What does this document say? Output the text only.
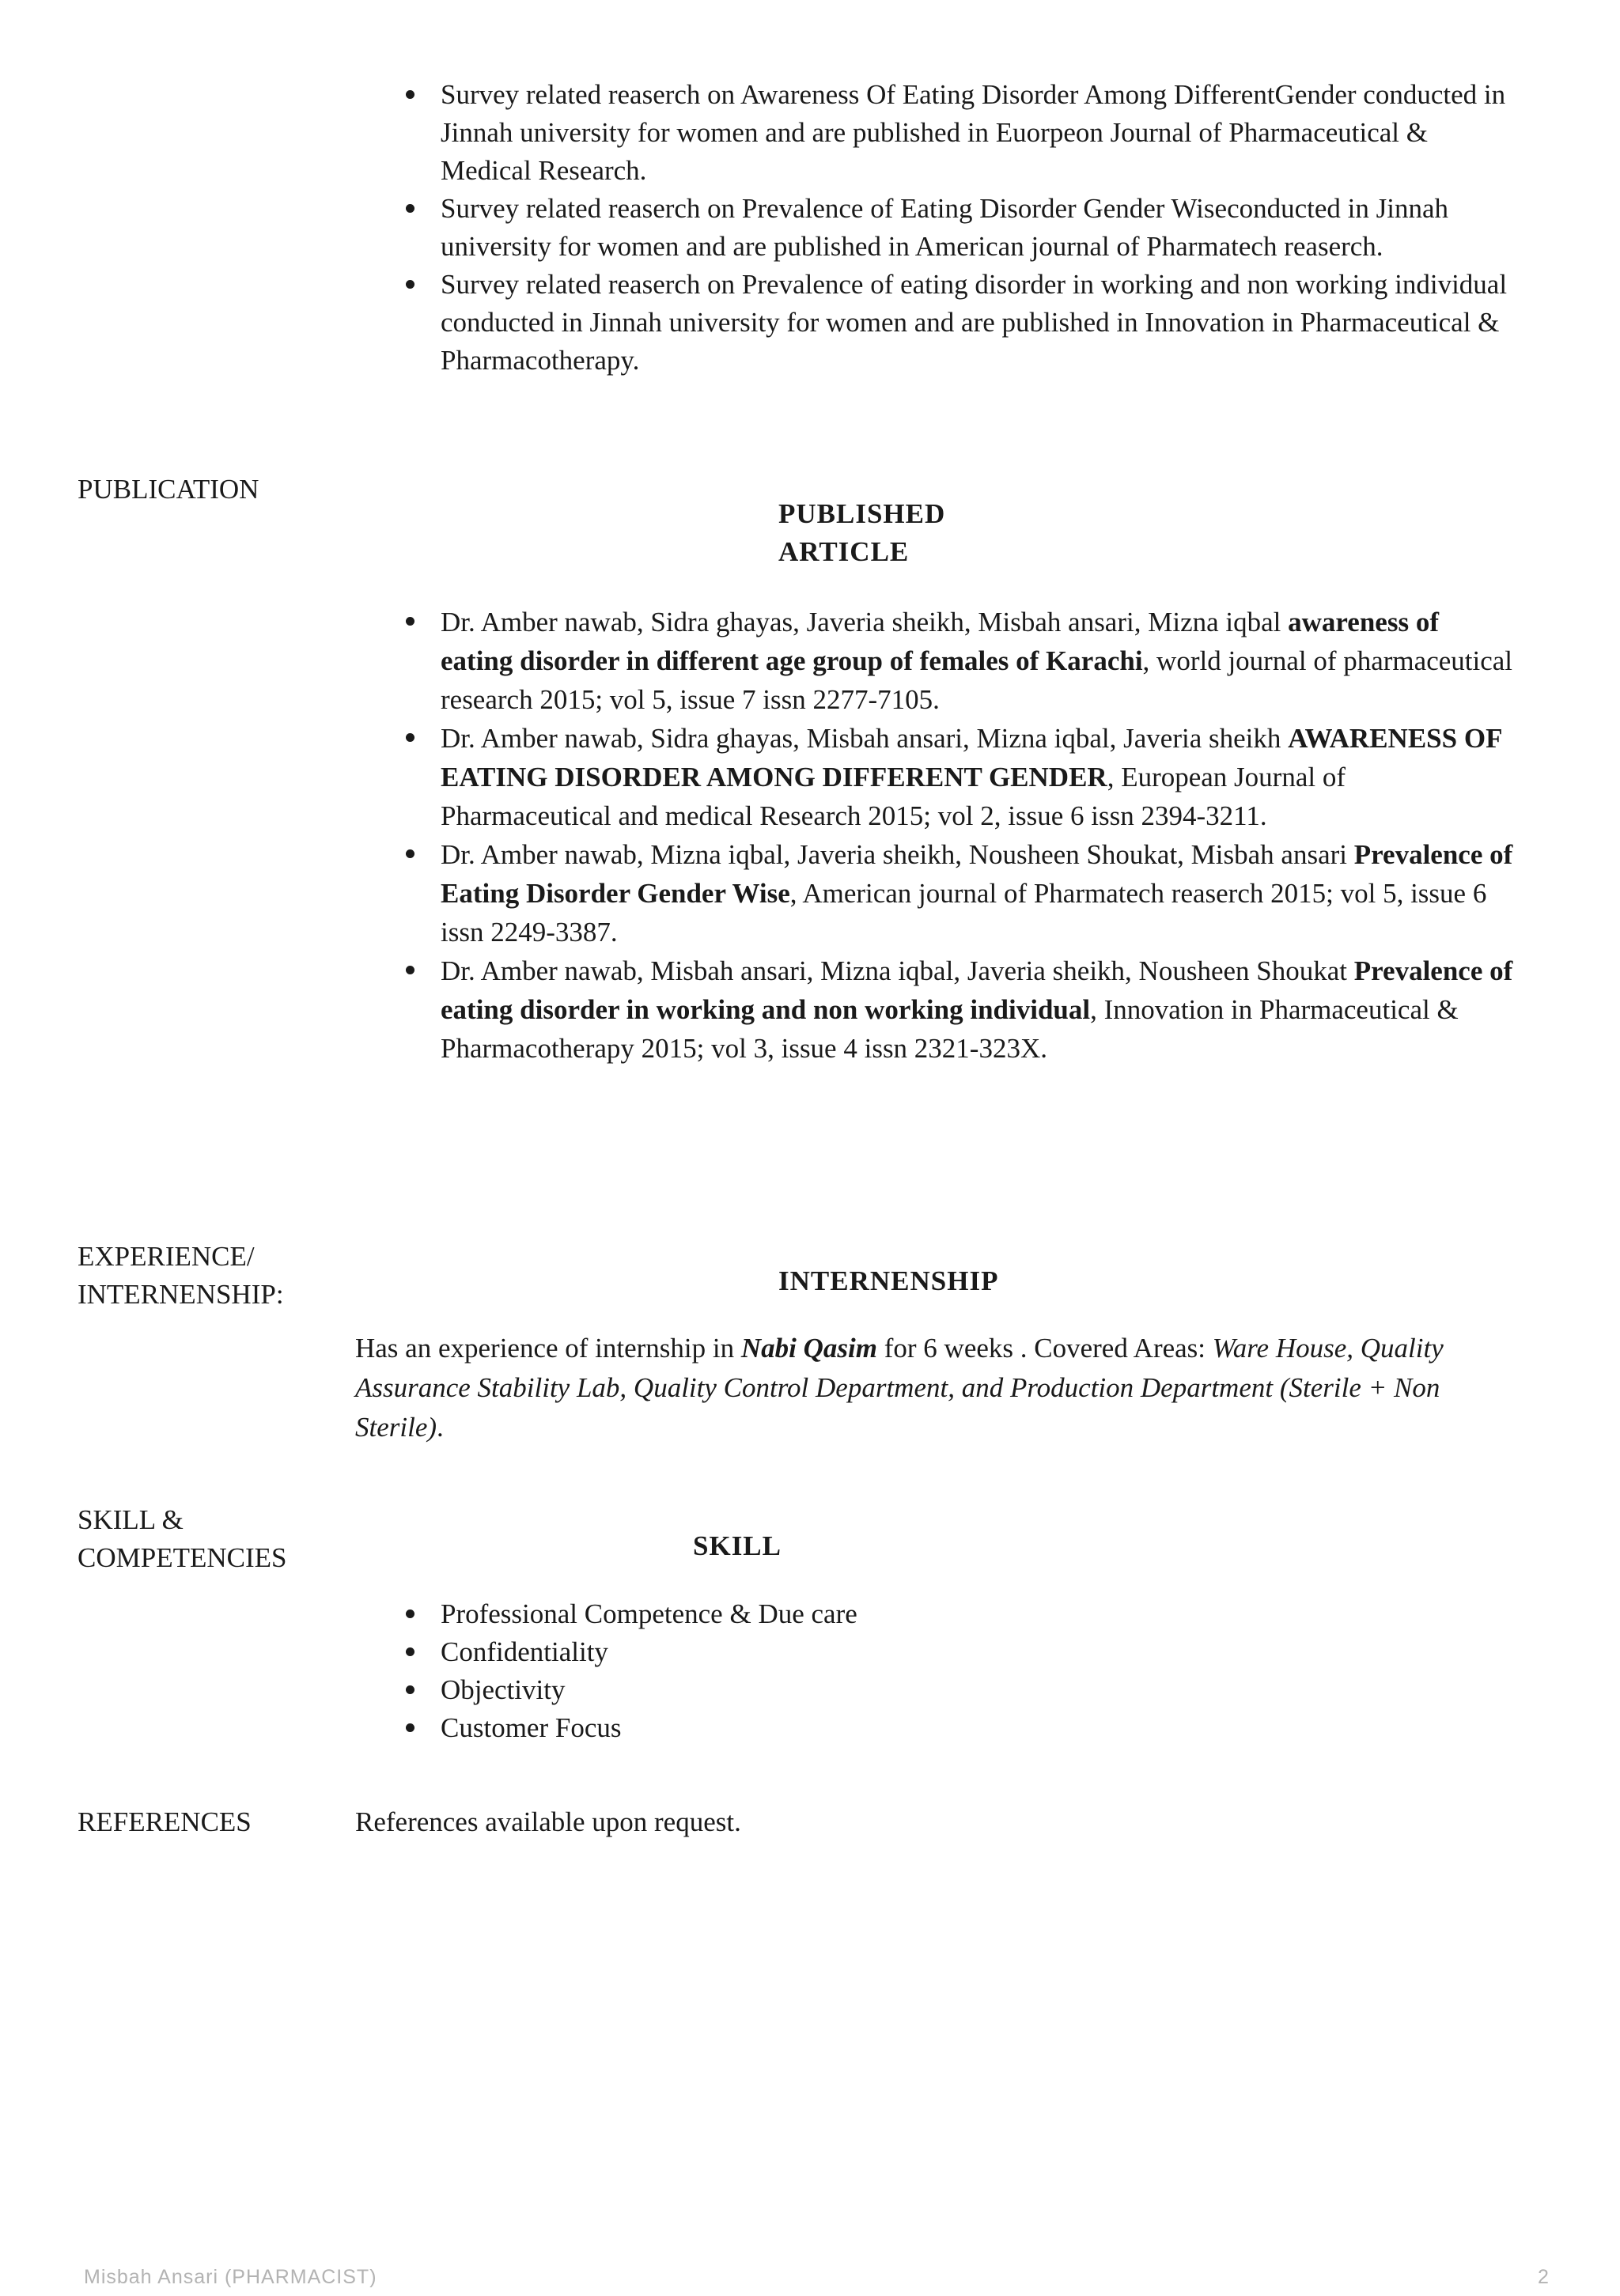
Survey related reaserch on Awareness Of Eating Disorder Among DifferentGender conducted in Jinnah university for women and are published in Euorpeon Journal of Pharmaceutical & Medical Research.
Survey related reaserch on Prevalence of Eating Disorder Gender Wiseconducted in Jinnah university for women and are published in American journal of Pharmatech reaserch.
Survey related reaserch on Prevalence of eating disorder in working and non working individual conducted in Jinnah university for women and are published in Innovation in Pharmaceutical & Pharmacotherapy.
PUBLICATION
PUBLISHED
ARTICLE
Dr. Amber nawab, Sidra ghayas, Javeria sheikh, Misbah ansari, Mizna iqbal awareness of eating disorder in different age group of females of Karachi, world journal of pharmaceutical research 2015; vol 5, issue 7 issn 2277-7105.
Dr. Amber nawab, Sidra ghayas, Misbah ansari, Mizna iqbal, Javeria sheikh AWARENESS OF EATING DISORDER AMONG DIFFERENT GENDER, European Journal of Pharmaceutical and medical Research 2015; vol 2, issue 6 issn 2394-3211.
Dr. Amber nawab, Mizna iqbal, Javeria sheikh, Nousheen Shoukat, Misbah ansari Prevalence of Eating Disorder Gender Wise, American journal of Pharmatech reaserch 2015; vol 5, issue 6 issn 2249-3387.
Dr. Amber nawab, Misbah ansari, Mizna iqbal, Javeria sheikh, Nousheen Shoukat Prevalence of eating disorder in working and non working individual, Innovation in Pharmaceutical & Pharmacotherapy 2015; vol 3, issue 4 issn 2321-323X.
EXPERIENCE/
INTERNENSHIP:	INTERNENSHIP
Has an experience of internship in Nabi Qasim for 6 weeks . Covered Areas: Ware House, Quality Assurance Stability Lab, Quality Control Department, and Production Department (Sterile + Non Sterile).
SKILL &
COMPETENCIES	SKILL
Professional Competence & Due care
Confidentiality
Objectivity
Customer Focus
REFERENCES	References available upon request.
Misbah Ansari (PHARMACIST)	2
